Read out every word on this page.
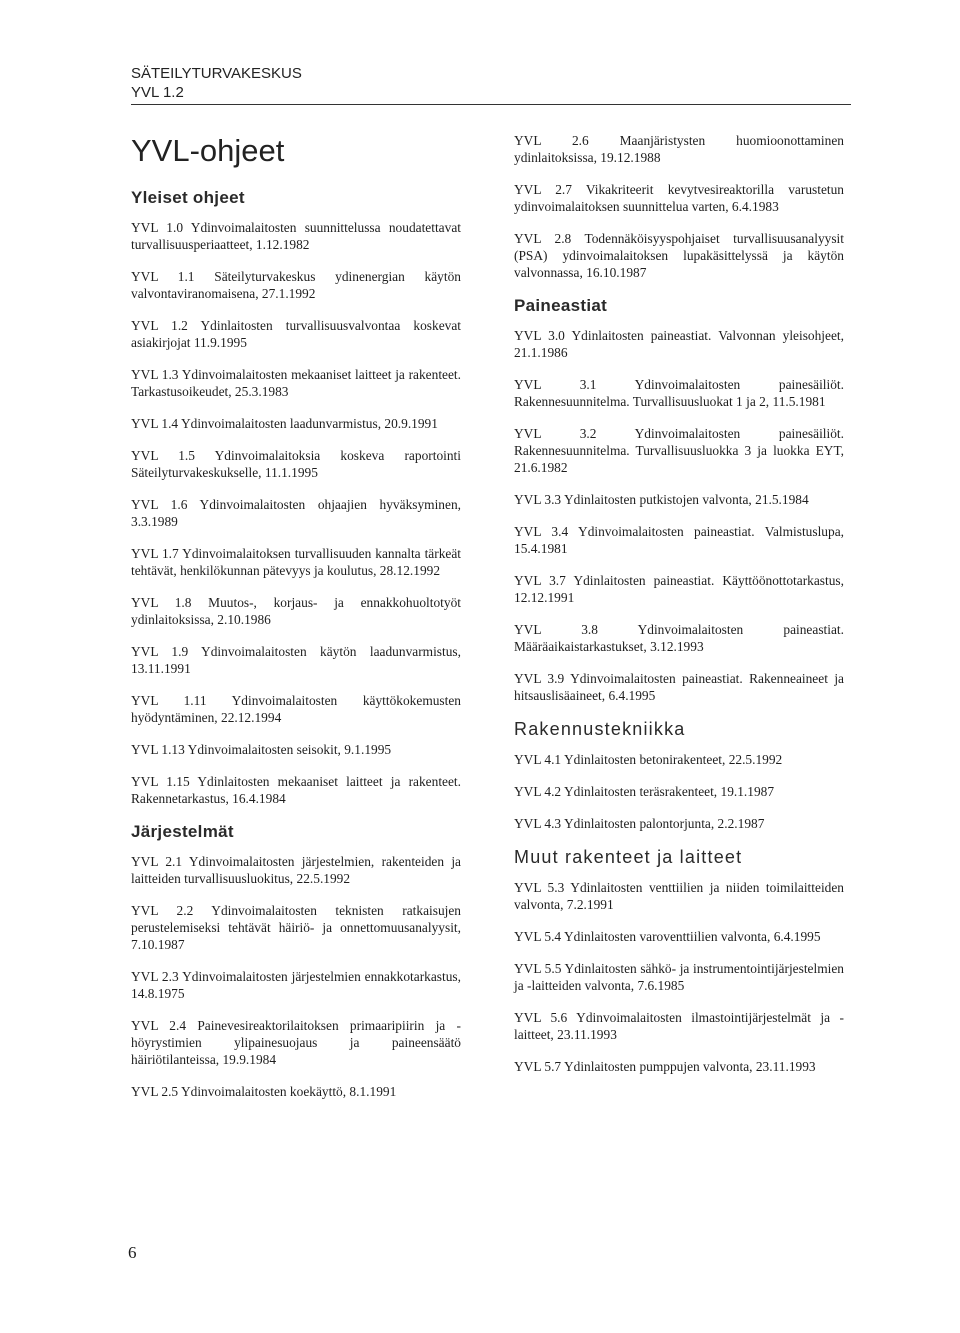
SÄTEILYTURVAKESKUS
YVL 1.2
YVL-ohjeet
Yleiset ohjeet

YVL 1.0 Ydinvoimalaitosten suunnittelussa noudatettavat turvallisuusperiaatteet, 1.12.1982

YVL 1.1 Säteilyturvakeskus ydinenergian käytön valvontaviranomaisena, 27.1.1992

YVL 1.2 Ydinlaitosten turvallisuusvalvontaa koskevat asiakirjojat 11.9.1995

YVL 1.3 Ydinvoimalaitosten mekaaniset laitteet ja rakenteet. Tarkastusoikeudet, 25.3.1983

YVL 1.4 Ydinvoimalaitosten laadunvarmistus, 20.9.1991

YVL 1.5 Ydinvoimalaitoksia koskeva raportointi Säteilyturvakeskukselle, 11.1.1995

YVL 1.6 Ydinvoimalaitosten ohjaajien hyväksyminen, 3.3.1989

YVL 1.7 Ydinvoimalaitoksen turvallisuuden kannalta tärkeät tehtävät, henkilökunnan pätevyys ja koulutus, 28.12.1992

YVL 1.8 Muutos-, korjaus- ja ennakkohuoltotyöt ydinlaitoksissa, 2.10.1986

YVL 1.9 Ydinvoimalaitosten käytön laadunvarmistus, 13.11.1991

YVL 1.11 Ydinvoimalaitosten käyttökokemusten hyödyntäminen, 22.12.1994

YVL 1.13 Ydinvoimalaitosten seisokit, 9.1.1995

YVL 1.15 Ydinlaitosten mekaaniset laitteet ja rakenteet. Rakennetarkastus, 16.4.1984

Järjestelmät

YVL 2.1 Ydinvoimalaitosten järjestelmien, rakenteiden ja laitteiden turvallisuusluokitus, 22.5.1992

YVL 2.2 Ydinvoimalaitosten teknisten ratkaisujen perustelemiseksi tehtävät häiriö- ja onnettomuusanalyysit, 7.10.1987

YVL 2.3 Ydinvoimalaitosten järjestelmien ennakkotarkastus, 14.8.1975

YVL 2.4 Painevesireaktorilaitoksen primaaripiirin ja -höyrystimien ylipainesuojaus ja paineensäätö häiriötilanteissa, 19.9.1984

YVL 2.5 Ydinvoimalaitosten koekäyttö, 8.1.1991

YVL 2.6 Maanjäristysten huomioonottaminen ydinlaitoksissa, 19.12.1988

YVL 2.7 Vikakriteerit kevytvesireaktorilla varustetun ydinvoimalaitoksen suunnittelua varten, 6.4.1983

YVL 2.8 Todennäköisyyspohjaiset turvallisuusanalyysit (PSA) ydinvoimalaitoksen lupakäsittelyssä ja käytön valvonnassa, 16.10.1987

Paineastiat

YVL 3.0 Ydinlaitosten paineastiat. Valvonnan yleisohjeet, 21.1.1986

YVL 3.1 Ydinvoimalaitosten painesäiliöt. Rakennesuunnitelma. Turvallisuusluokat 1 ja 2, 11.5.1981

YVL 3.2 Ydinvoimalaitosten painesäiliöt. Rakennesuunnitelma. Turvallisuusluokka 3 ja luokka EYT, 21.6.1982

YVL 3.3 Ydinlaitosten putkistojen valvonta, 21.5.1984

YVL 3.4 Ydinvoimalaitosten paineastiat. Valmistuslupa, 15.4.1981

YVL 3.7 Ydinlaitosten paineastiat. Käyttöönottotarkastus, 12.12.1991

YVL 3.8 Ydinvoimalaitosten paineastiat. Määräaikaistarkastukset, 3.12.1993

YVL 3.9 Ydinvoimalaitosten paineastiat. Rakenneaineet ja hitsauslisäaineet, 6.4.1995

Rakennustekniikka

YVL 4.1 Ydinlaitosten betonirakenteet, 22.5.1992

YVL 4.2 Ydinlaitosten teräsrakenteet, 19.1.1987

YVL 4.3 Ydinlaitosten palontorjunta, 2.2.1987

Muut rakenteet ja laitteet

YVL 5.3 Ydinlaitosten venttiilien ja niiden toimilaitteiden valvonta, 7.2.1991

YVL 5.4 Ydinlaitosten varoventtiilien valvonta, 6.4.1995

YVL 5.5 Ydinlaitosten sähkö- ja instrumentointijärjestelmien ja -laitteiden valvonta, 7.6.1985

YVL 5.6 Ydinvoimalaitosten ilmastointijärjestelmät ja -laitteet, 23.11.1993

YVL 5.7 Ydinlaitosten pumppujen valvonta, 23.11.1993

6
